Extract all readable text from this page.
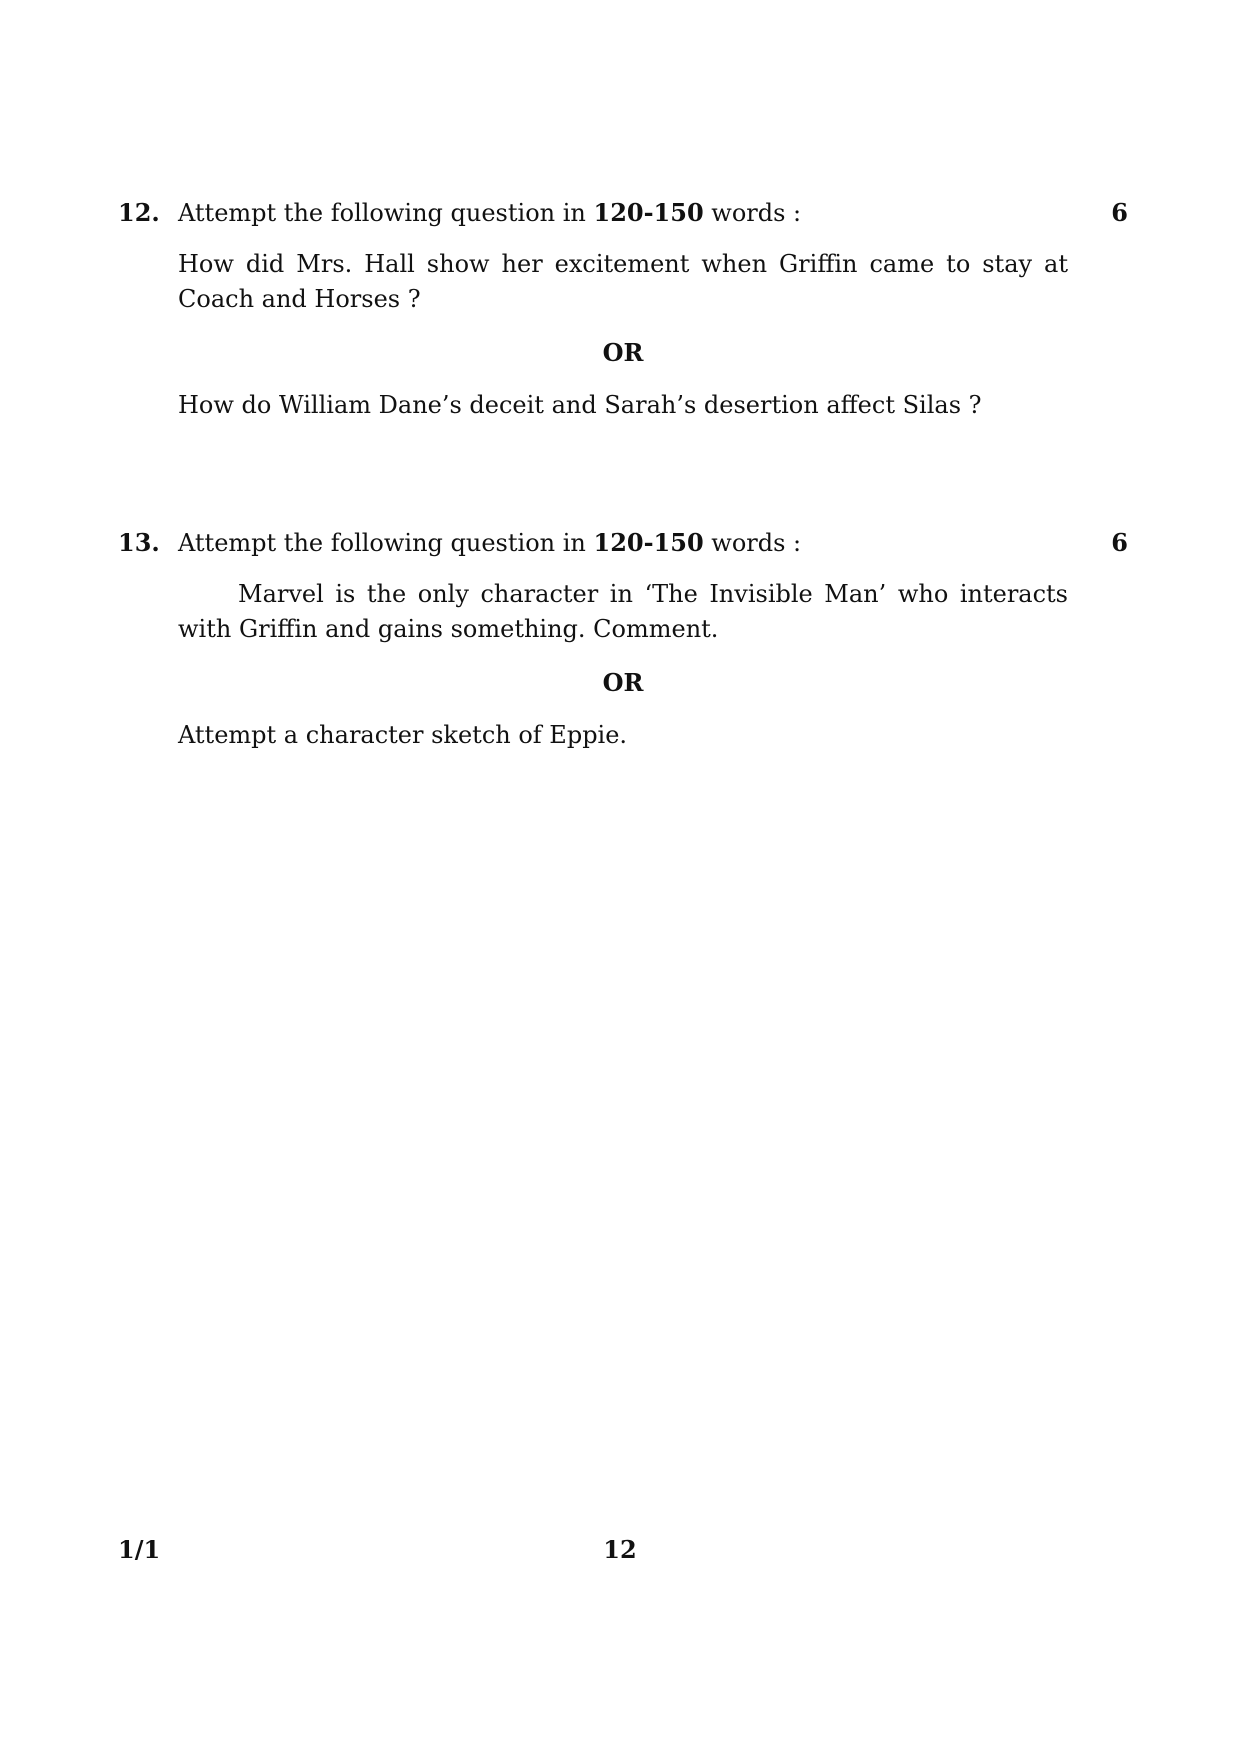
12. Attempt the following question in 120-150 words :	6
How did Mrs. Hall show her excitement when Griffin came to stay at Coach and Horses ?
OR
How do William Dane’s deceit and Sarah’s desertion affect Silas ?
13. Attempt the following question in 120-150 words :	6
Marvel is the only character in ‘The Invisible Man’ who interacts with Griffin and gains something. Comment.
OR
Attempt a character sketch of Eppie.
1/1	12
